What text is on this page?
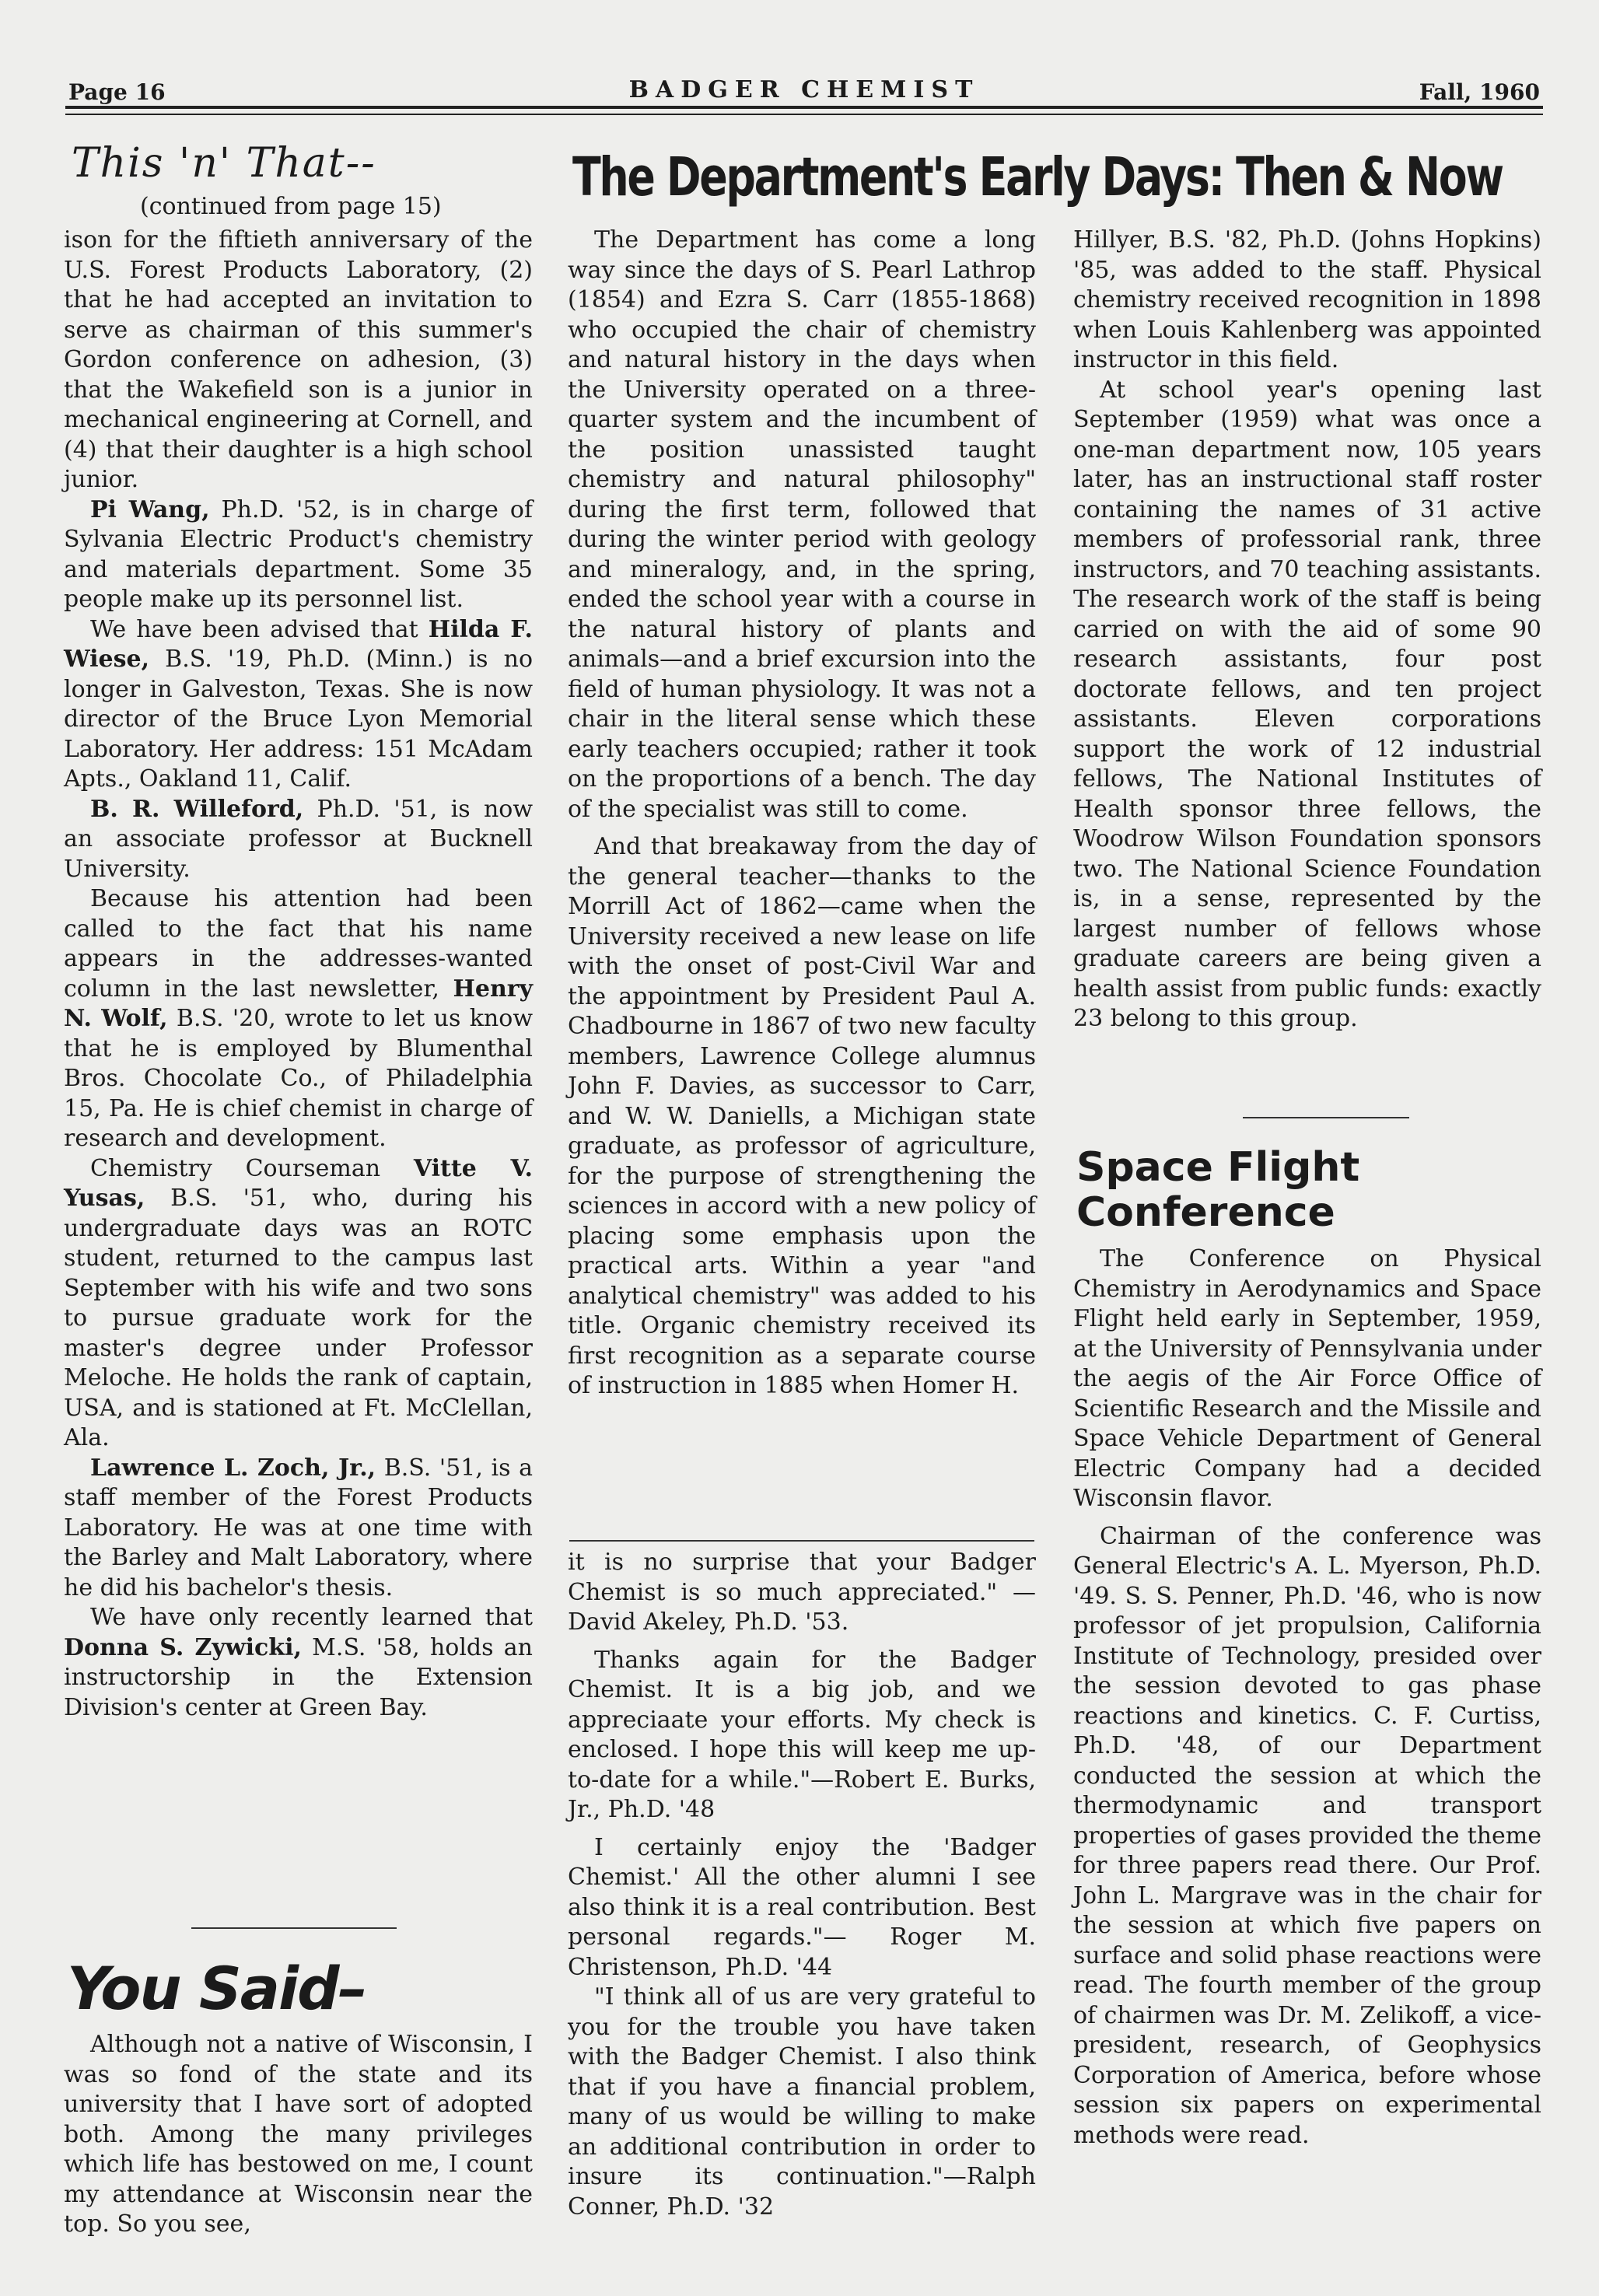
Page 16	BADGER CHEMIST	Fall, 1960
This 'n' That--
(continued from page 15)

ison for the fiftieth anniversary of the U.S. Forest Products Laboratory, (2) that he had accepted an invitation to serve as chairman of this summer's Gordon conference on adhesion, (3) that the Wakefield son is a junior in mechanical engineering at Cornell, and (4) that their daughter is a high school junior.

Pi Wang, Ph.D. '52, is in charge of Sylvania Electric Product's chemistry and materials department. Some 35 people make up its personnel list.

We have been advised that Hilda F. Wiese, B.S. '19, Ph.D. (Minn.) is no longer in Galveston, Texas. She is now director of the Bruce Lyon Memorial Laboratory. Her address: 151 McAdam Apts., Oakland 11, Calif.

B. R. Willeford, Ph.D. '51, is now an associate professor at Bucknell University.

Because his attention had been called to the fact that his name appears in the addresses-wanted column in the last newsletter, Henry N. Wolf, B.S. '20, wrote to let us know that he is employed by Blumenthal Bros. Chocolate Co., of Philadelphia 15, Pa. He is chief chemist in charge of research and development.

Chemistry Courseman Vitte V. Yusas, B.S. '51, who, during his undergraduate days was an ROTC student, returned to the campus last September with his wife and two sons to pursue graduate work for the master's degree under Professor Meloche. He holds the rank of captain, USA, and is stationed at Ft. McClellan, Ala.

Lawrence L. Zoch, Jr., B.S. '51, is a staff member of the Forest Products Laboratory. He was at one time with the Barley and Malt Laboratory, where he did his bachelor's thesis.

We have only recently learned that Donna S. Zywicki, M.S. '58, holds an instructorship in the Extension Division's center at Green Bay.

You Said–

Although not a native of Wisconsin, I was so fond of the state and its university that I have sort of adopted both. Among the many privileges which life has bestowed on me, I count my attendance at Wisconsin near the top. So you see,

The Department's Early Days: Then & Now

The Department has come a long way since the days of S. Pearl Lathrop (1854) and Ezra S. Carr (1855-1868) who occupied the chair of chemistry and natural history in the days when the University operated on a three-quarter system and the incumbent of the position unassisted taught chemistry and natural philosophy" during the first term, followed that during the winter period with geology and mineralogy, and, in the spring, ended the school year with a course in the natural history of plants and animals—and a brief excursion into the field of human physiology. It was not a chair in the literal sense which these early teachers occupied; rather it took on the proportions of a bench. The day of the specialist was still to come.

And that breakaway from the day of the general teacher—thanks to the Morrill Act of 1862—came when the University received a new lease on life with the onset of post-Civil War and the appointment by President Paul A. Chadbourne in 1867 of two new faculty members, Lawrence College alumnus John F. Davies, as successor to Carr, and W. W. Daniells, a Michigan state graduate, as professor of agriculture, for the purpose of strengthening the sciences in accord with a new policy of placing some emphasis upon the practical arts. Within a year "and analytical chemistry" was added to his title. Organic chemistry received its first recognition as a separate course of instruction in 1885 when Homer H.

it is no surprise that your Badger Chemist is so much appreciated." —David Akeley, Ph.D. '53.

Thanks again for the Badger Chemist. It is a big job, and we appreciaate your efforts. My check is enclosed. I hope this will keep me up-to-date for a while."—Robert E. Burks, Jr., Ph.D. '48

I certainly enjoy the 'Badger Chemist.' All the other alumni I see also think it is a real contribution. Best personal regards."— Roger M. Christenson, Ph.D. '44

"I think all of us are very grateful to you for the trouble you have taken with the Badger Chemist. I also think that if you have a financial problem, many of us would be willing to make an additional contribution in order to insure its continuation."—Ralph Conner, Ph.D. '32

Hillyer, B.S. '82, Ph.D. (Johns Hopkins) '85, was added to the staff. Physical chemistry received recognition in 1898 when Louis Kahlenberg was appointed instructor in this field.

At school year's opening last September (1959) what was once a one-man department now, 105 years later, has an instructional staff roster containing the names of 31 active members of professorial rank, three instructors, and 70 teaching assistants. The research work of the staff is being carried on with the aid of some 90 research assistants, four post doctorate fellows, and ten project assistants. Eleven corporations support the work of 12 industrial fellows, The National Institutes of Health sponsor three fellows, the Woodrow Wilson Foundation sponsors two. The National Science Foundation is, in a sense, represented by the largest number of fellows whose graduate careers are being given a health assist from public funds: exactly 23 belong to this group.

Space Flight
Conference

The Conference on Physical Chemistry in Aerodynamics and Space Flight held early in September, 1959, at the University of Pennsylvania under the aegis of the Air Force Office of Scientific Research and the Missile and Space Vehicle Department of General Electric Company had a decided Wisconsin flavor.

Chairman of the conference was General Electric's A. L. Myerson, Ph.D. '49. S. S. Penner, Ph.D. '46, who is now professor of jet propulsion, California Institute of Technology, presided over the session devoted to gas phase reactions and kinetics. C. F. Curtiss, Ph.D. '48, of our Department conducted the session at which the thermodynamic and transport properties of gases provided the theme for three papers read there. Our Prof. John L. Margrave was in the chair for the session at which five papers on surface and solid phase reactions were read. The fourth member of the group of chairmen was Dr. M. Zelikoff, a vice-president, research, of Geophysics Corporation of America, before whose session six papers on experimental methods were read.
